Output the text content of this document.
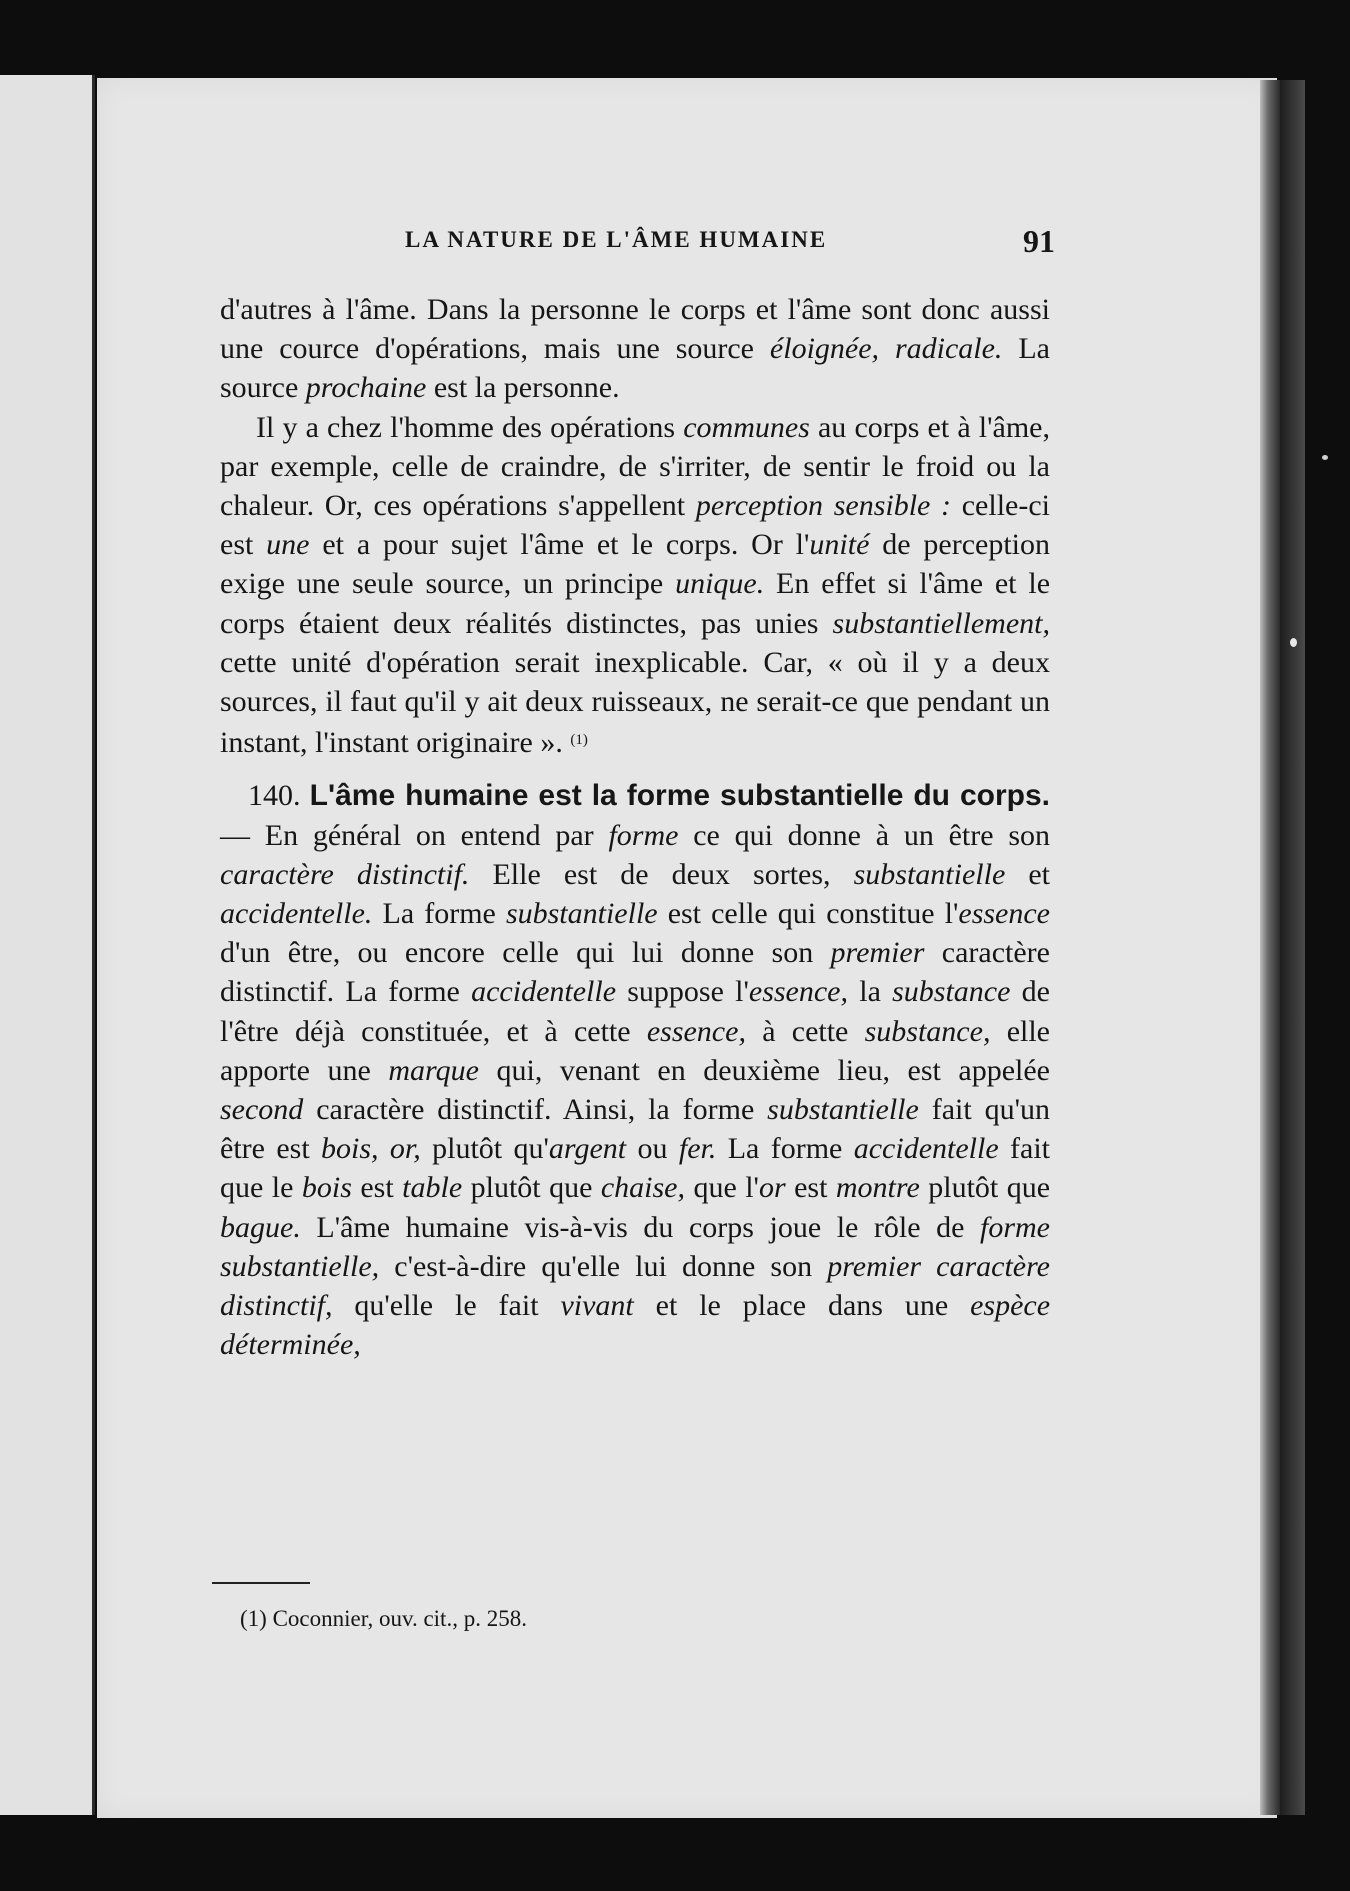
LA NATURE DE L'ÂME HUMAINE	91

d'autres à l'âme. Dans la personne le corps et l'âme sont donc aussi une cource d'opérations, mais une source éloignée, radicale. La source prochaine est la personne.

Il y a chez l'homme des opérations communes au corps et à l'âme, par exemple, celle de craindre, de s'irriter, de sentir le froid ou la chaleur. Or, ces opérations s'appellent perception sensible : celle-ci est une et a pour sujet l'âme et le corps. Or l'unité de perception exige une seule source, un principe unique. En effet si l'âme et le corps étaient deux réalités distinctes, pas unies substantiellement, cette unité d'opération serait inexplicable. Car, « où il y a deux sources, il faut qu'il y ait deux ruisseaux, ne serait-ce que pendant un instant, l'instant originaire ». $^{(1)}$

140. L'âme humaine est la forme substantielle du corps. — En général on entend par forme ce qui donne à un être son caractère distinctif. Elle est de deux sortes, substantielle et accidentelle. La forme substantielle est celle qui constitue l'essence d'un être, ou encore celle qui lui donne son premier caractère distinctif. La forme accidentelle suppose l'essence, la substance de l'être déjà constituée, et à cette essence, à cette substance, elle apporte une marque qui, venant en deuxième lieu, est appelée second caractère distinctif. Ainsi, la forme substantielle fait qu'un être est bois, or, plutôt qu'argent ou fer. La forme accidentelle fait que le bois est table plutôt que chaise, que l'or est montre plutôt que bague. L'âme humaine vis-à-vis du corps joue le rôle de forme substantielle, c'est-à-dire qu'elle lui donne son premier caractère distinctif, qu'elle le fait vivant et le place dans une espèce déterminée,

(1) Coconnier, ouv. cit., p. 258.
